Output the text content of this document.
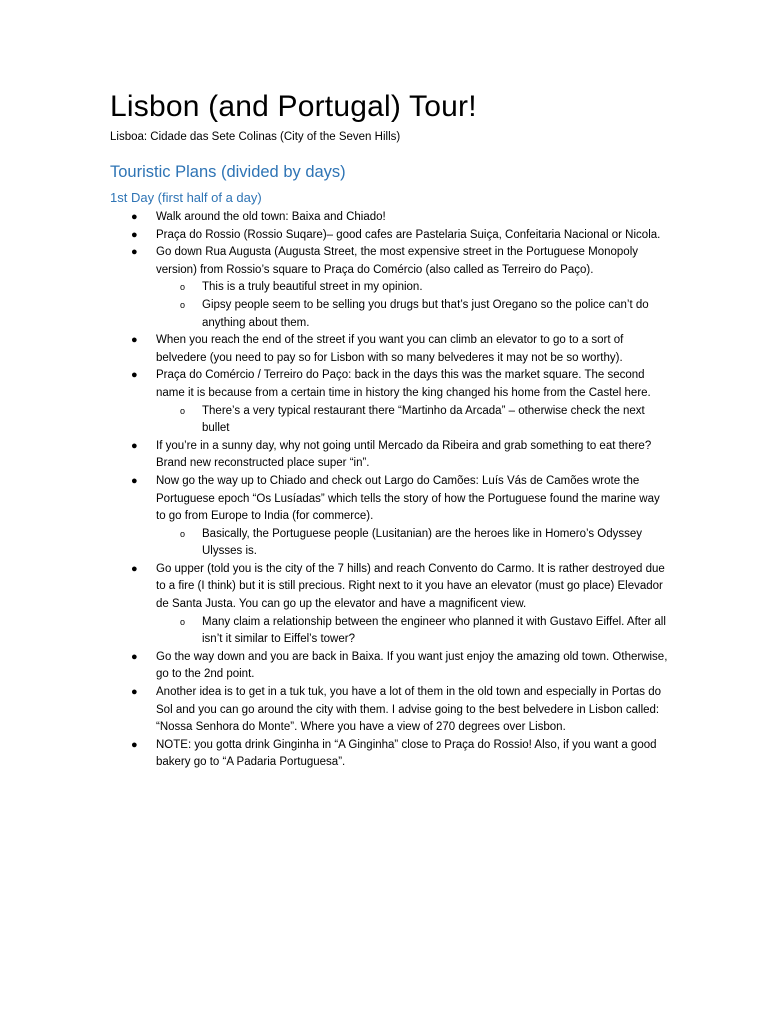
Lisbon (and Portugal) Tour!

Lisboa: Cidade das Sete Colinas (City of the Seven Hills)

Touristic Plans (divided by days)
1st Day (first half of a day)
● Walk around the old town: Baixa and Chiado!
● Praça do Rossio (Rossio Suqare)– good cafes are Pastelaria Suiça, Confeitaria Nacional or Nicola.
● Go down Rua Augusta (Augusta Street, the most expensive street in the Portuguese Monopoly version) from Rossio’s square to Praça do Comércio (also called as Terreiro do Paço).
o This is a truly beautiful street in my opinion.
o Gipsy people seem to be selling you drugs but that’s just Oregano so the police can’t do anything about them.
● When you reach the end of the street if you want you can climb an elevator to go to a sort of belvedere (you need to pay so for Lisbon with so many belvederes it may not be so worthy).
● Praça do Comércio / Terreiro do Paço: back in the days this was the market square. The second name it is because from a certain time in history the king changed his home from the Castel here.
o There’s a very typical restaurant there “Martinho da Arcada” – otherwise check the next bullet
● If you’re in a sunny day, why not going until Mercado da Ribeira and grab something to eat there? Brand new reconstructed place super “in”.
● Now go the way up to Chiado and check out Largo do Camões: Luís Vás de Camões wrote the Portuguese epoch “Os Lusíadas” which tells the story of how the Portuguese found the marine way to go from Europe to India (for commerce).
o Basically, the Portuguese people (Lusitanian) are the heroes like in Homero’s Odyssey Ulysses is.
● Go upper (told you is the city of the 7 hills) and reach Convento do Carmo. It is rather destroyed due to a fire (I think) but it is still precious. Right next to it you have an elevator (must go place) Elevador de Santa Justa. You can go up the elevator and have a magnificent view.
o Many claim a relationship between the engineer who planned it with Gustavo Eiffel. After all isn’t it similar to Eiffel’s tower?
● Go the way down and you are back in Baixa. If you want just enjoy the amazing old town. Otherwise, go to the 2nd point.
● Another idea is to get in a tuk tuk, you have a lot of them in the old town and especially in Portas do Sol and you can go around the city with them. I advise going to the best belvedere in Lisbon called: “Nossa Senhora do Monte”. Where you have a view of 270 degrees over Lisbon.
● NOTE: you gotta drink Ginginha in “A Ginginha” close to Praça do Rossio! Also, if you want a good bakery go to “A Padaria Portuguesa”.
